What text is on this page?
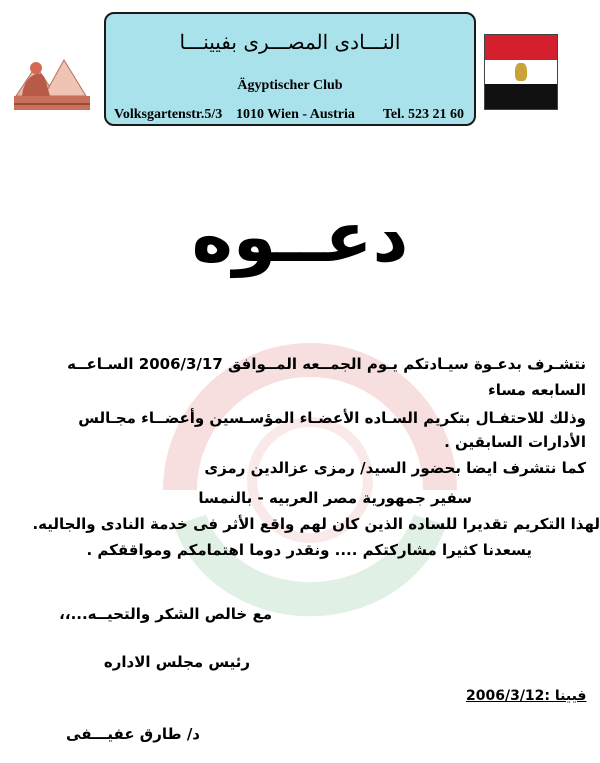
النـــادى المصـــرى بفيينـــا
Ägyptischer Club
Volksgartenstr.5/3 1010 Wien - Austria Tel. 523 21 60
دعــوه
نتشـرف بدعـوة سيـادتكم يـوم الجمــعه المــوافق 2006/3/17 السـاعــه
السابعه مساء
وذلك للاحتفـال بتكريم السـاده الأعضـاء المؤسـسين وأعضــاء مجـالس
الأدارات السابقين .
كما نتشرف ايضا بحضور السيد/ رمزى عزالدين رمزى
سفير جمهورية مصر العربيه - بالنمسا
لهذا التكريم تقديرا للساده الذين كان لهم واقع الأثر فى خدمة النادى والجاليه.
يسعدنا كثيرا مشاركتكم .... ونقدر دوما اهتمامكم ومواققكم .
مع خالص الشكر والتحيــه...،،
رئيس مجلس الاداره
فيينا :2006/3/12
د/ طارق عفيـــفى
